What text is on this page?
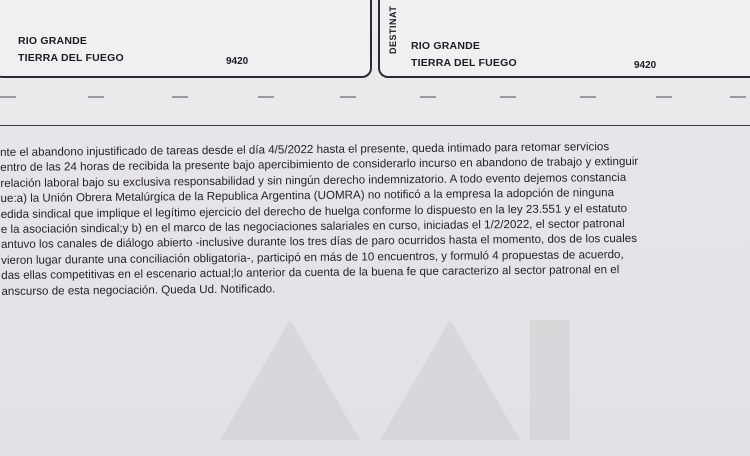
RIO GRANDE
TIERRA DEL FUEGO	9420
DESTINAT RIO GRANDE
TIERRA DEL FUEGO	9420
nte el abandono injustificado de tareas desde el día 4/5/2022 hasta el presente, queda intimado para retomar servicios
entro de las 24 horas de recibida la presente bajo apercibimiento de considerarlo incurso en abandono de trabajo y extinguir
relación laboral bajo su exclusiva responsabilidad y sin ningún derecho indemnizatorio. A todo evento dejemos constancia
ue:a) la Unión Obrera Metalúrgica de la Republica Argentina (UOMRA) no notificó a la empresa la adopción de ninguna
edida sindical que implique el legítimo ejercicio del derecho de huelga conforme lo dispuesto en la ley 23.551 y el estatuto
e la asociación sindical;y b) en el marco de las negociaciones salariales en curso, iniciadas el 1/2/2022, el sector patronal
antuvo los canales de diálogo abierto -inclusive durante los tres días de paro ocurridos hasta el momento, dos de los cuales
vieron lugar durante una conciliación obligatoria-, participó en más de 10 encuentros, y formuló 4 propuestas de acuerdo,
das ellas competitivas en el escenario actual;lo anterior da cuenta de la buena fe que caracterizo al sector patronal en el
anscurso de esta negociación. Queda Ud. Notificado.
